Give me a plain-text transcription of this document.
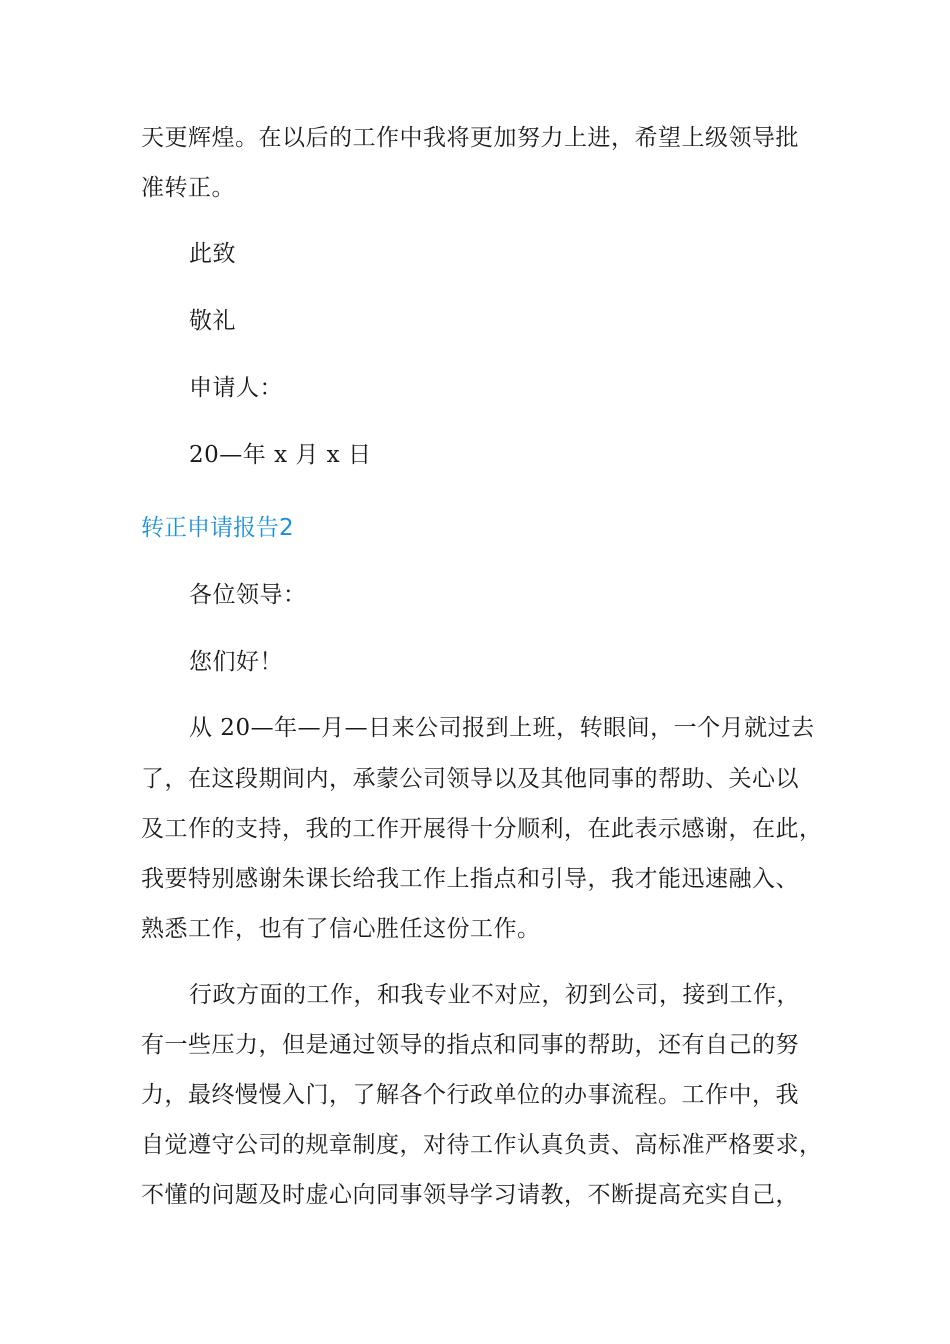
天更辉煌。在以后的工作中我将更加努力上进，希望上级领导批
准转正。
此致
敬礼
申请人：
20—年 x 月 x 日
转正申请报告2
各位领导：
您们好！
从 20—年—月—日来公司报到上班，转眼间，一个月就过去
了，在这段期间内，承蒙公司领导以及其他同事的帮助、关心以
及工作的支持，我的工作开展得十分顺利，在此表示感谢，在此，
我要特别感谢朱课长给我工作上指点和引导，我才能迅速融入、
熟悉工作，也有了信心胜任这份工作。
行政方面的工作，和我专业不对应，初到公司，接到工作，
有一些压力，但是通过领导的指点和同事的帮助，还有自己的努
力，最终慢慢入门，了解各个行政单位的办事流程。工作中，我
自觉遵守公司的规章制度，对待工作认真负责、高标准严格要求，
不懂的问题及时虚心向同事领导学习请教，不断提高充实自己，
